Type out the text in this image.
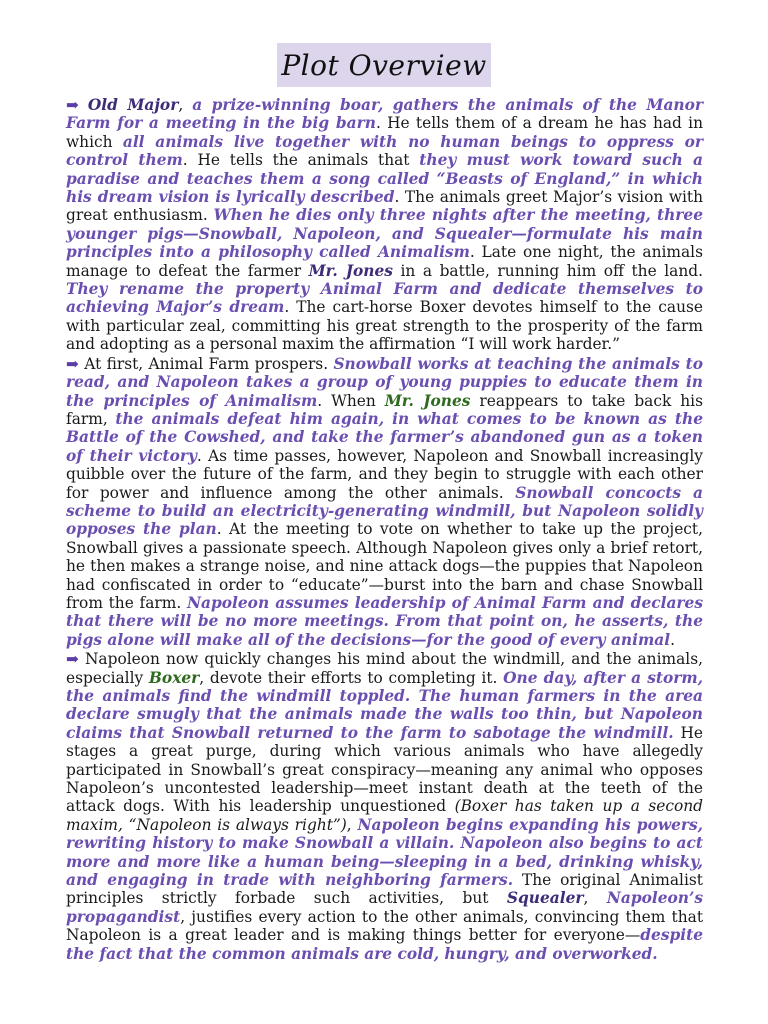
Plot Overview

➡ Old Major, a prize-winning boar, gathers the animals of the Manor Farm for a meeting in the big barn. He tells them of a dream he has had in which all animals live together with no human beings to oppress or control them. He tells the animals that they must work toward such a paradise and teaches them a song called “Beasts of England,” in which his dream vision is lyrically described. The animals greet Major’s vision with great enthusiasm. When he dies only three nights after the meeting, three younger pigs—Snowball, Napoleon, and Squealer—formulate his main principles into a philosophy called Animalism. Late one night, the animals manage to defeat the farmer Mr. Jones in a battle, running him off the land. They rename the property Animal Farm and dedicate themselves to achieving Major’s dream. The cart-horse Boxer devotes himself to the cause with particular zeal, committing his great strength to the prosperity of the farm and adopting as a personal maxim the affirmation “I will work harder.”

➡ At first, Animal Farm prospers. Snowball works at teaching the animals to read, and Napoleon takes a group of young puppies to educate them in the principles of Animalism. When Mr. Jones reappears to take back his farm, the animals defeat him again, in what comes to be known as the Battle of the Cowshed, and take the farmer’s abandoned gun as a token of their victory. As time passes, however, Napoleon and Snowball increasingly quibble over the future of the farm, and they begin to struggle with each other for power and influence among the other animals. Snowball concocts a scheme to build an electricity-generating windmill, but Napoleon solidly opposes the plan. At the meeting to vote on whether to take up the project, Snowball gives a passionate speech. Although Napoleon gives only a brief retort, he then makes a strange noise, and nine attack dogs—the puppies that Napoleon had confiscated in order to “educate”—burst into the barn and chase Snowball from the farm. Napoleon assumes leadership of Animal Farm and declares that there will be no more meetings. From that point on, he asserts, the pigs alone will make all of the decisions—for the good of every animal.

➡ Napoleon now quickly changes his mind about the windmill, and the animals, especially Boxer, devote their efforts to completing it. One day, after a storm, the animals find the windmill toppled. The human farmers in the area declare smugly that the animals made the walls too thin, but Napoleon claims that Snowball returned to the farm to sabotage the windmill. He stages a great purge, during which various animals who have allegedly participated in Snowball’s great conspiracy—meaning any animal who opposes Napoleon’s uncontested leadership—meet instant death at the teeth of the attack dogs. With his leadership unquestioned (Boxer has taken up a second maxim, “Napoleon is always right”), Napoleon begins expanding his powers, rewriting history to make Snowball a villain. Napoleon also begins to act more and more like a human being—sleeping in a bed, drinking whisky, and engaging in trade with neighboring farmers. The original Animalist principles strictly forbade such activities, but Squealer, Napoleon’s propagandist, justifies every action to the other animals, convincing them that Napoleon is a great leader and is making things better for everyone—despite the fact that the common animals are cold, hungry, and overworked.
